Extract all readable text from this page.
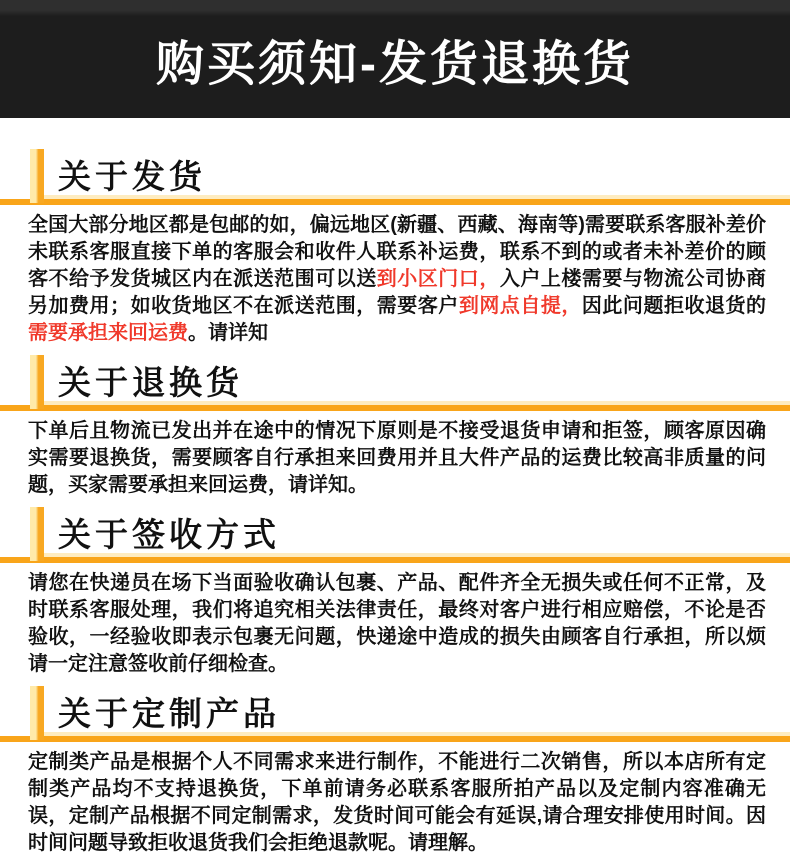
购买须知-发货退换货
关于发货

全国大部分地区都是包邮的如，偏远地区(新疆、西藏、海南等)需要联系客服补差价未联系客服直接下单的客服会和收件人联系补运费，联系不到的或者未补差价的顾客不给予发货城区内在派送范围可以送到小区门口，入户上楼需要与物流公司协商另加费用；如收货地区不在派送范围，需要客户到网点自提，因此问题拒收退货的需要承担来回运费。请详知

关于退换货

下单后且物流已发出并在途中的情况下原则是不接受退货申请和拒签，顾客原因确实需要退换货，需要顾客自行承担来回费用并且大件产品的运费比较高非质量的问题，买家需要承担来回运费，请详知。

关于签收方式

请您在快递员在场下当面验收确认包裹、产品、配件齐全无损失或任何不正常，及时联系客服处理，我们将追究相关法律责任，最终对客户进行相应赔偿，不论是否验收，一经验收即表示包裹无问题，快递途中造成的损失由顾客自行承担，所以烦请一定注意签收前仔细检查。

关于定制产品

定制类产品是根据个人不同需求来进行制作，不能进行二次销售，所以本店所有定制类产品均不支持退换货，下单前请务必联系客服所拍产品以及定制内容准确无误，定制产品根据不同定制需求，发货时间可能会有延误,请合理安排使用时间。因时间问题导致拒收退货我们会拒绝退款呢。请理解。
